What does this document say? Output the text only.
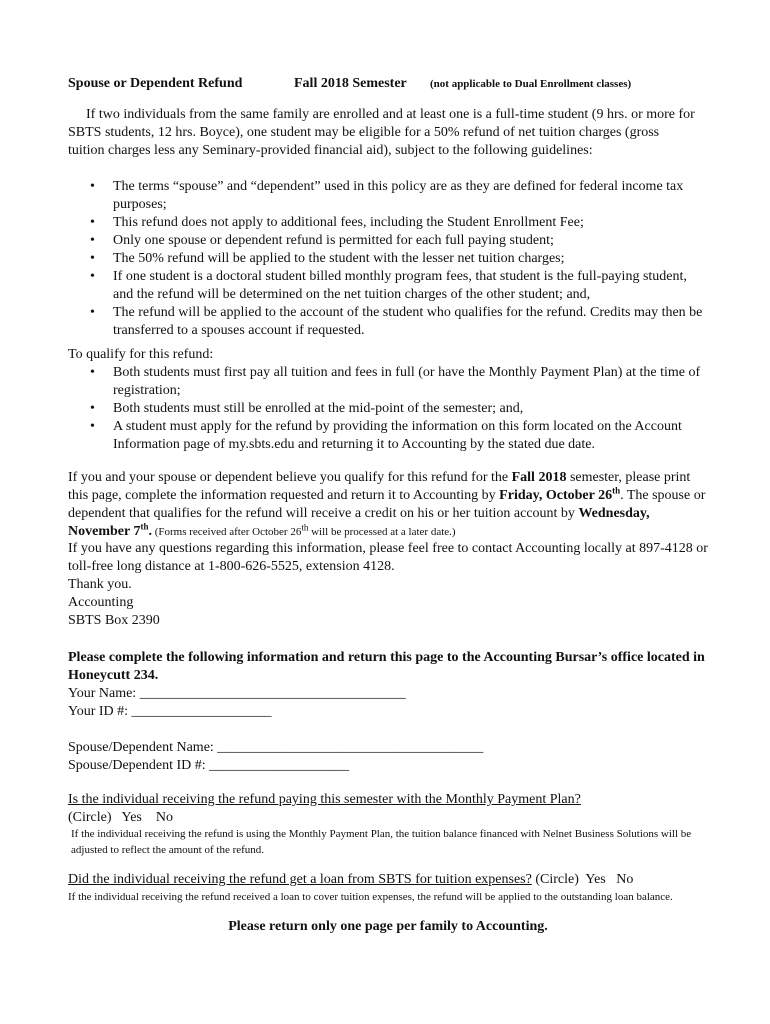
Spouse or Dependent Refund	Fall 2018 Semester (not applicable to Dual Enrollment classes)
If two individuals from the same family are enrolled and at least one is a full-time student (9 hrs. or more for SBTS students, 12 hrs. Boyce), one student may be eligible for a 50% refund of net tuition charges (gross tuition charges less any Seminary-provided financial aid), subject to the following guidelines:
• The terms “spouse” and “dependent” used in this policy are as they are defined for federal income tax purposes;
• This refund does not apply to additional fees, including the Student Enrollment Fee;
• Only one spouse or dependent refund is permitted for each full paying student;
• The 50% refund will be applied to the student with the lesser net tuition charges;
• If one student is a doctoral student billed monthly program fees, that student is the full-paying student, and the refund will be determined on the net tuition charges of the other student; and,
• The refund will be applied to the account of the student who qualifies for the refund. Credits may then be transferred to a spouses account if requested.
To qualify for this refund:
• Both students must first pay all tuition and fees in full (or have the Monthly Payment Plan) at the time of registration;
• Both students must still be enrolled at the mid-point of the semester; and,
• A student must apply for the refund by providing the information on this form located on the Account Information page of my.sbts.edu and returning it to Accounting by the stated due date.
If you and your spouse or dependent believe you qualify for this refund for the Fall 2018 semester, please print this page, complete the information requested and return it to Accounting by Friday, October 26th. The spouse or dependent that qualifies for the refund will receive a credit on his or her tuition account by Wednesday, November 7th. (Forms received after October 26th will be processed at a later date.)
If you have any questions regarding this information, please feel free to contact Accounting locally at 897-4128 or toll-free long distance at 1-800-626-5525, extension 4128.
Thank you.
Accounting
SBTS Box 2390
Please complete the following information and return this page to the Accounting Bursar’s office located in Honeycutt 234.
Your Name: ______________________________________
Your ID #: ____________________
Spouse/Dependent Name: ______________________________________
Spouse/Dependent ID #: ____________________
Is the individual receiving the refund paying this semester with the Monthly Payment Plan?
(Circle)   Yes    No
If the individual receiving the refund is using the Monthly Payment Plan, the tuition balance financed with Nelnet Business Solutions will be adjusted to reflect the amount of the refund.
Did the individual receiving the refund get a loan from SBTS for tuition expenses? (Circle)  Yes   No
If the individual receiving the refund received a loan to cover tuition expenses, the refund will be applied to the outstanding loan balance.
Please return only one page per family to Accounting.
